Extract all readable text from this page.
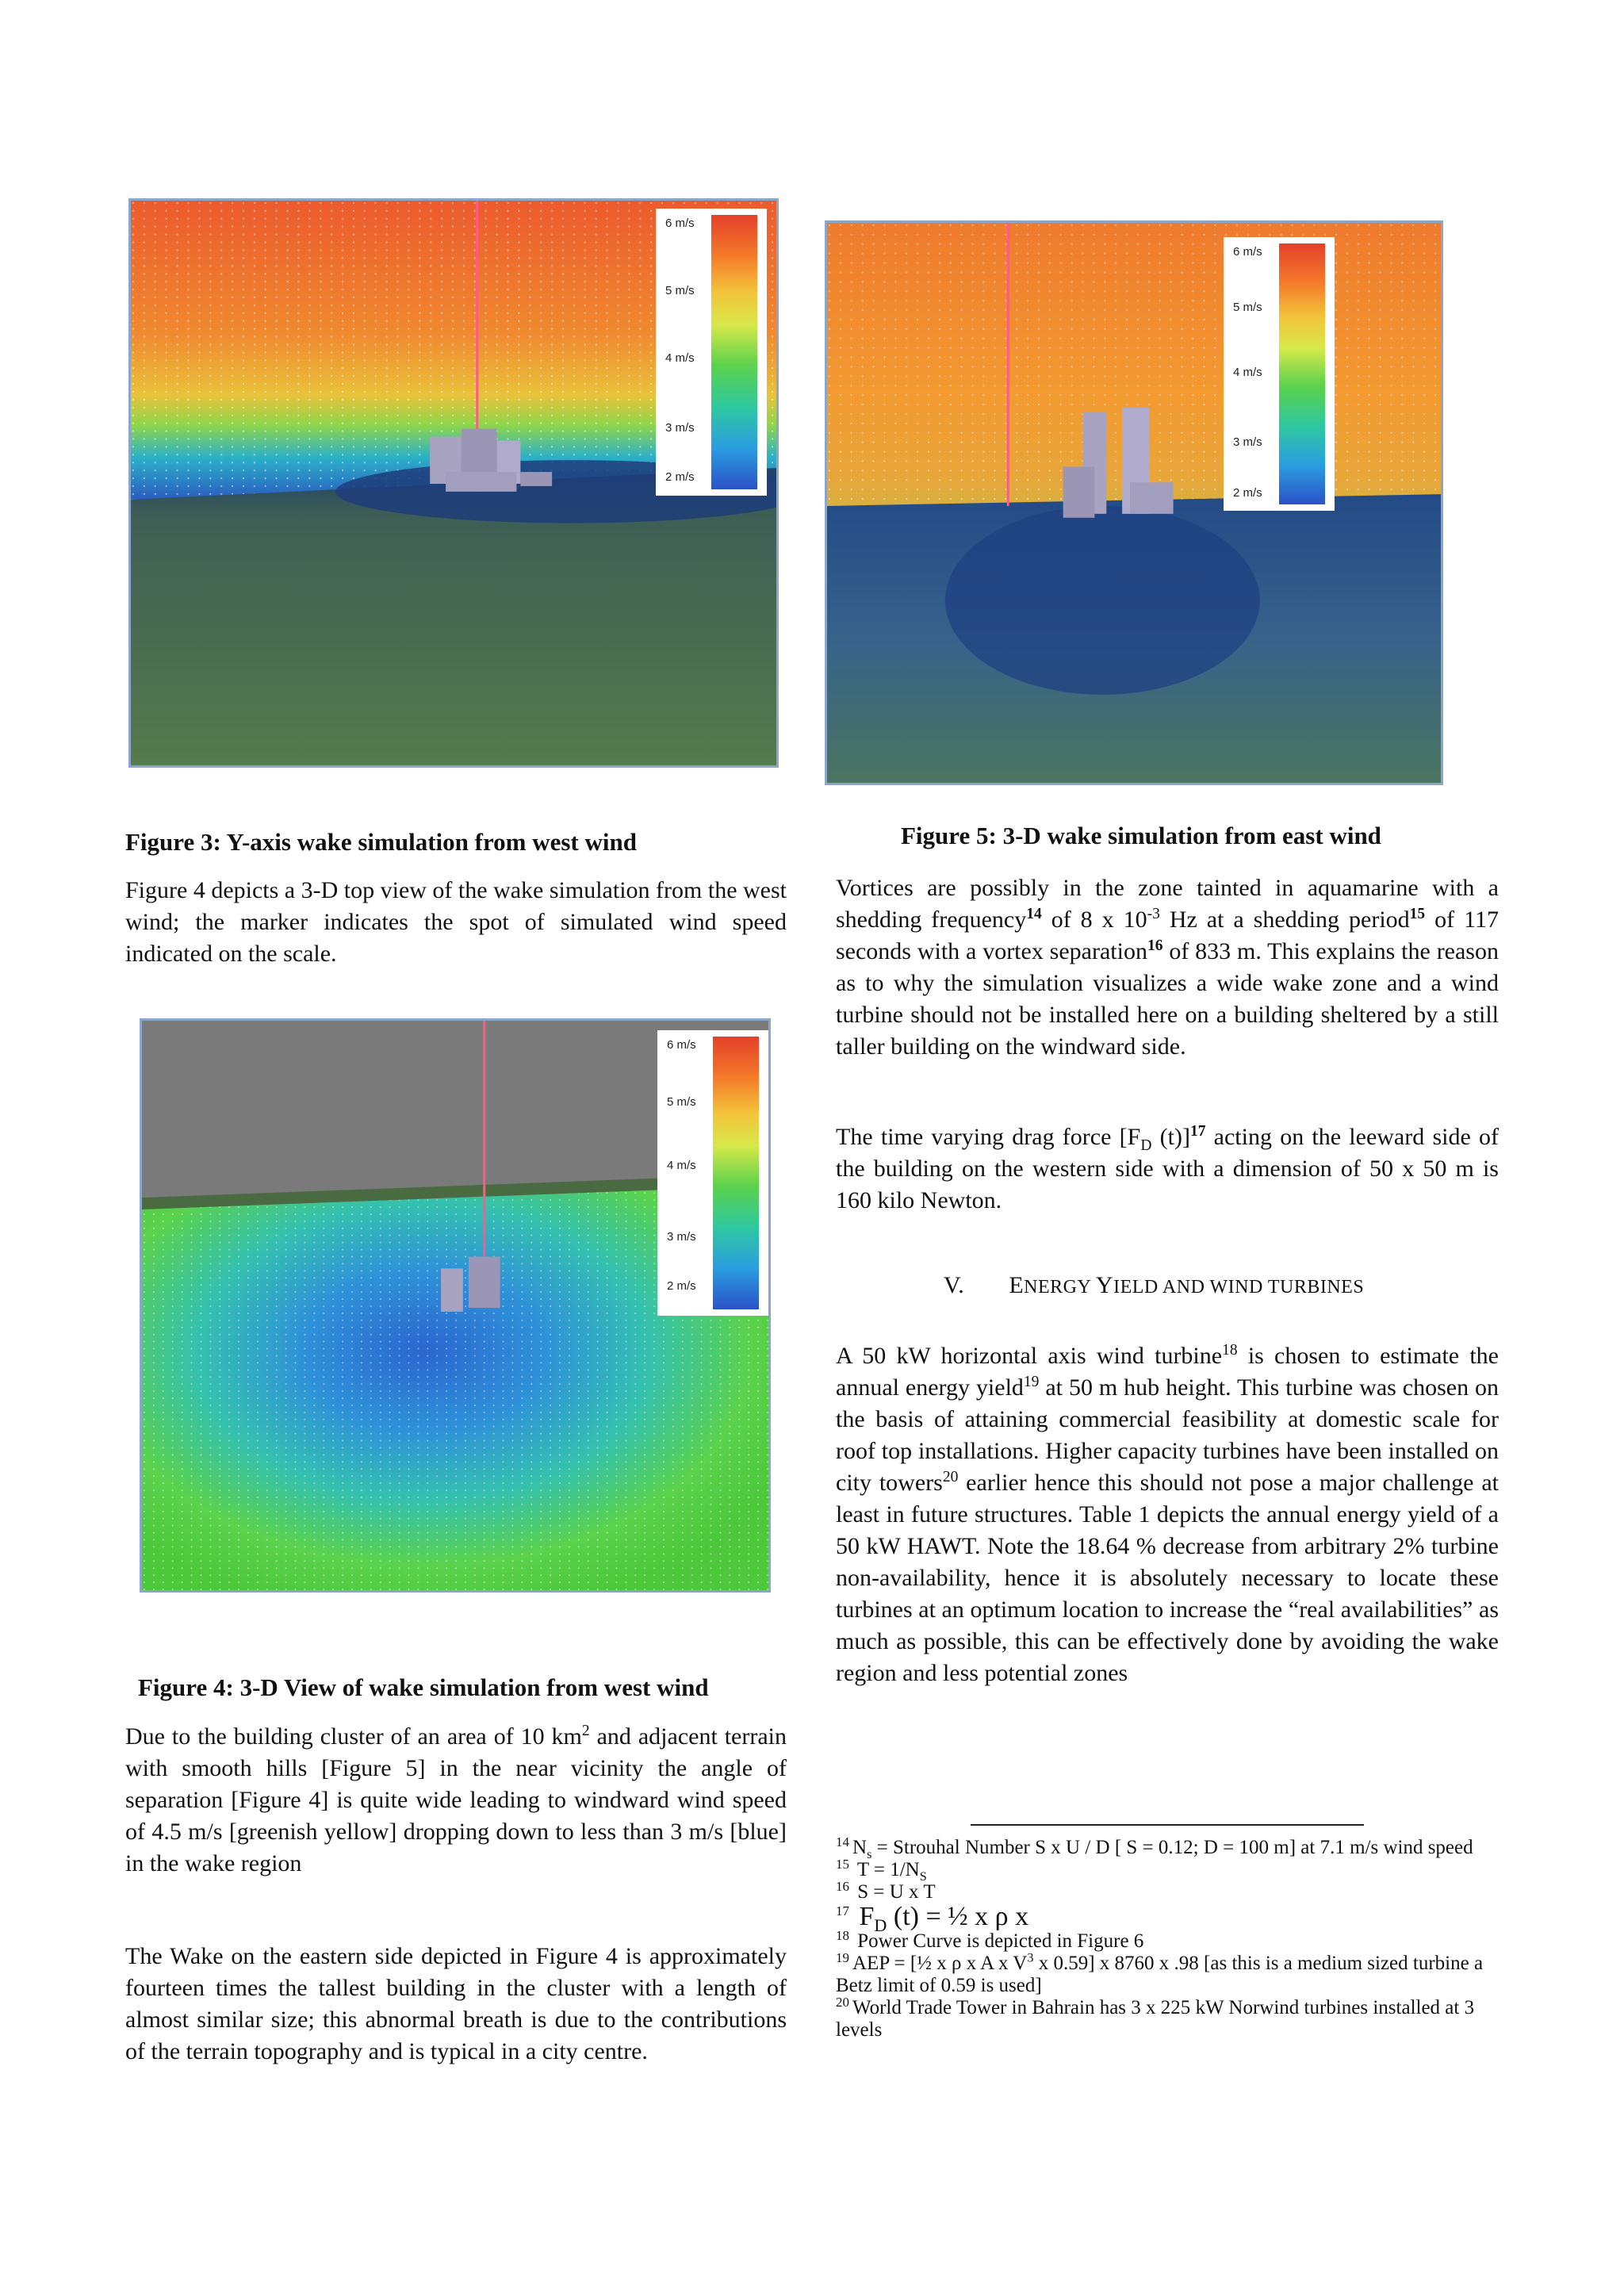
6 m/s
5 m/s
4 m/s
3 m/s
2 m/s
6 m/s
5 m/s
4 m/s
3 m/s
2 m/s

Figure 3: Y-axis wake simulation from west wind	Figure 5: 3-D wake simulation from east wind

Figure 4 depicts a 3-D top view of the wake simulation from the west wind; the marker indicates the spot of simulated wind speed indicated on the scale.

6 m/s
5 m/s
4 m/s
3 m/s
2 m/s

Figure 4: 3-D View of wake simulation from west wind

Due to the building cluster of an area of 10 $km^2$ and adjacent terrain with smooth hills [Figure 5] in the near vicinity the angle of separation [Figure 4] is quite wide leading to windward wind speed of 4.5 m/s [greenish yellow] dropping down to less than 3 m/s [blue] in the wake region

The Wake on the eastern side depicted in Figure 4 is approximately fourteen times the tallest building in the cluster with a length of almost similar size; this abnormal breath is due to the contributions of the terrain topography and is typical in a city centre.

Vortices are possibly in the zone tainted in aquamarine with a shedding frequency$^{14}$ of 8 x $10^{-3}$ Hz at a shedding period$^{15}$ of 117 seconds with a vortex separation$^{16}$ of 833 m. This explains the reason as to why the simulation visualizes a wide wake zone and a wind turbine should not be installed here on a building sheltered by a still taller building on the windward side.

The time varying drag force [$F_D$ (t)]$^{17}$ acting on the leeward side of the building on the western side with a dimension of 50 x 50 m is 160 kilo Newton.

V. ENERGY YIELD AND WIND TURBINES

A 50 kW horizontal axis wind turbine$^{18}$ is chosen to estimate the annual energy yield$^{19}$ at 50 m hub height. This turbine was chosen on the basis of attaining commercial feasibility at domestic scale for roof top installations. Higher capacity turbines have been installed on city towers$^{20}$ earlier hence this should not pose a major challenge at least in future structures. Table 1 depicts the annual energy yield of a 50 kW HAWT. Note the 18.64 % decrease from arbitrary 2% turbine non-availability, hence it is absolutely necessary to locate these turbines at an optimum location to increase the “real availabilities” as much as possible, this can be effectively done by avoiding the wake region and less potential zones

$^{14}$ $N_s$ = Strouhal Number S x U / D [ S = 0.12; D = 100 m] at 7.1 m/s wind speed

$^{15}$ $T = 1/N_S$

$^{16}$ S = U x T

$^{17}$ $F_D$ (t) = ½ x ρ x

$^{18}$ Power Curve is depicted in Figure 6

$^{19}$ AEP = [½ x ρ x A x $V^3$ x 0.59] x 8760 x .98 [as this is a medium sized turbine a Betz limit of 0.59 is used]

$^{20}$ World Trade Tower in Bahrain has 3 x 225 kW Norwind turbines installed at 3 levels
